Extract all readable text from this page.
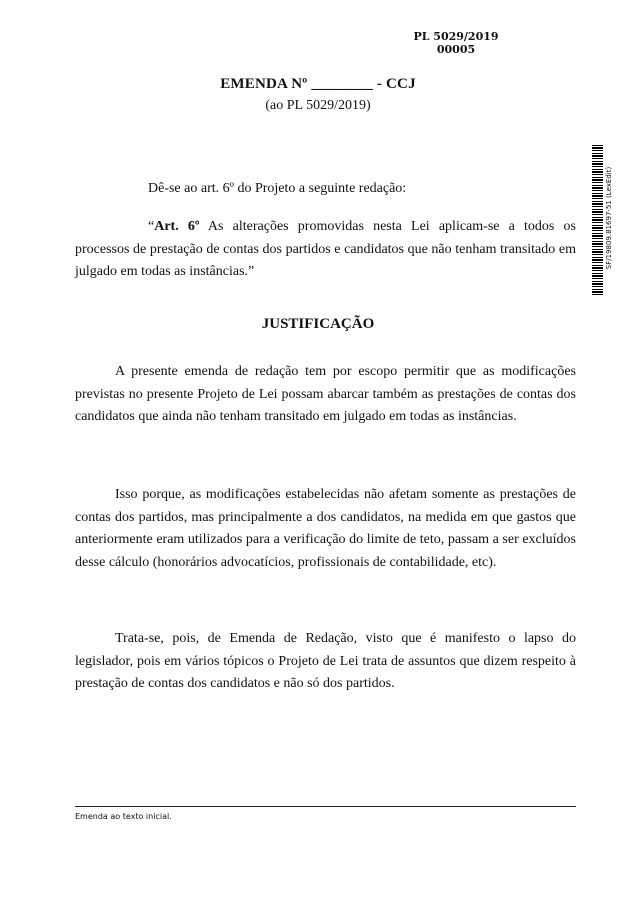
PL 5029/2019
00005
EMENDA Nº ________ - CCJ
(ao PL 5029/2019)
Dê-se ao art. 6º do Projeto a seguinte redação:
“Art. 6º As alterações promovidas nesta Lei aplicam-se a todos os processos de prestação de contas dos partidos e candidatos que não tenham transitado em julgado em todas as instâncias.”
JUSTIFICAÇÃO
A presente emenda de redação tem por escopo permitir que as modificações previstas no presente Projeto de Lei possam abarcar também as prestações de contas dos candidatos que ainda não tenham transitado em julgado em todas as instâncias.
Isso porque, as modificações estabelecidas não afetam somente as prestações de contas dos partidos, mas principalmente a dos candidatos, na medida em que gastos que anteriormente eram utilizados para a verificação do limite de teto, passam a ser excluídos desse cálculo (honorários advocatícios, profissionais de contabilidade, etc).
Trata-se, pois, de Emenda de Redação, visto que é manifesto o lapso do legislador, pois em vários tópicos o Projeto de Lei trata de assuntos que dizem respeito à prestação de contas dos candidatos e não só dos partidos.
Emenda ao texto inicial.
SF/19809.81697-51 (LexEdit)
